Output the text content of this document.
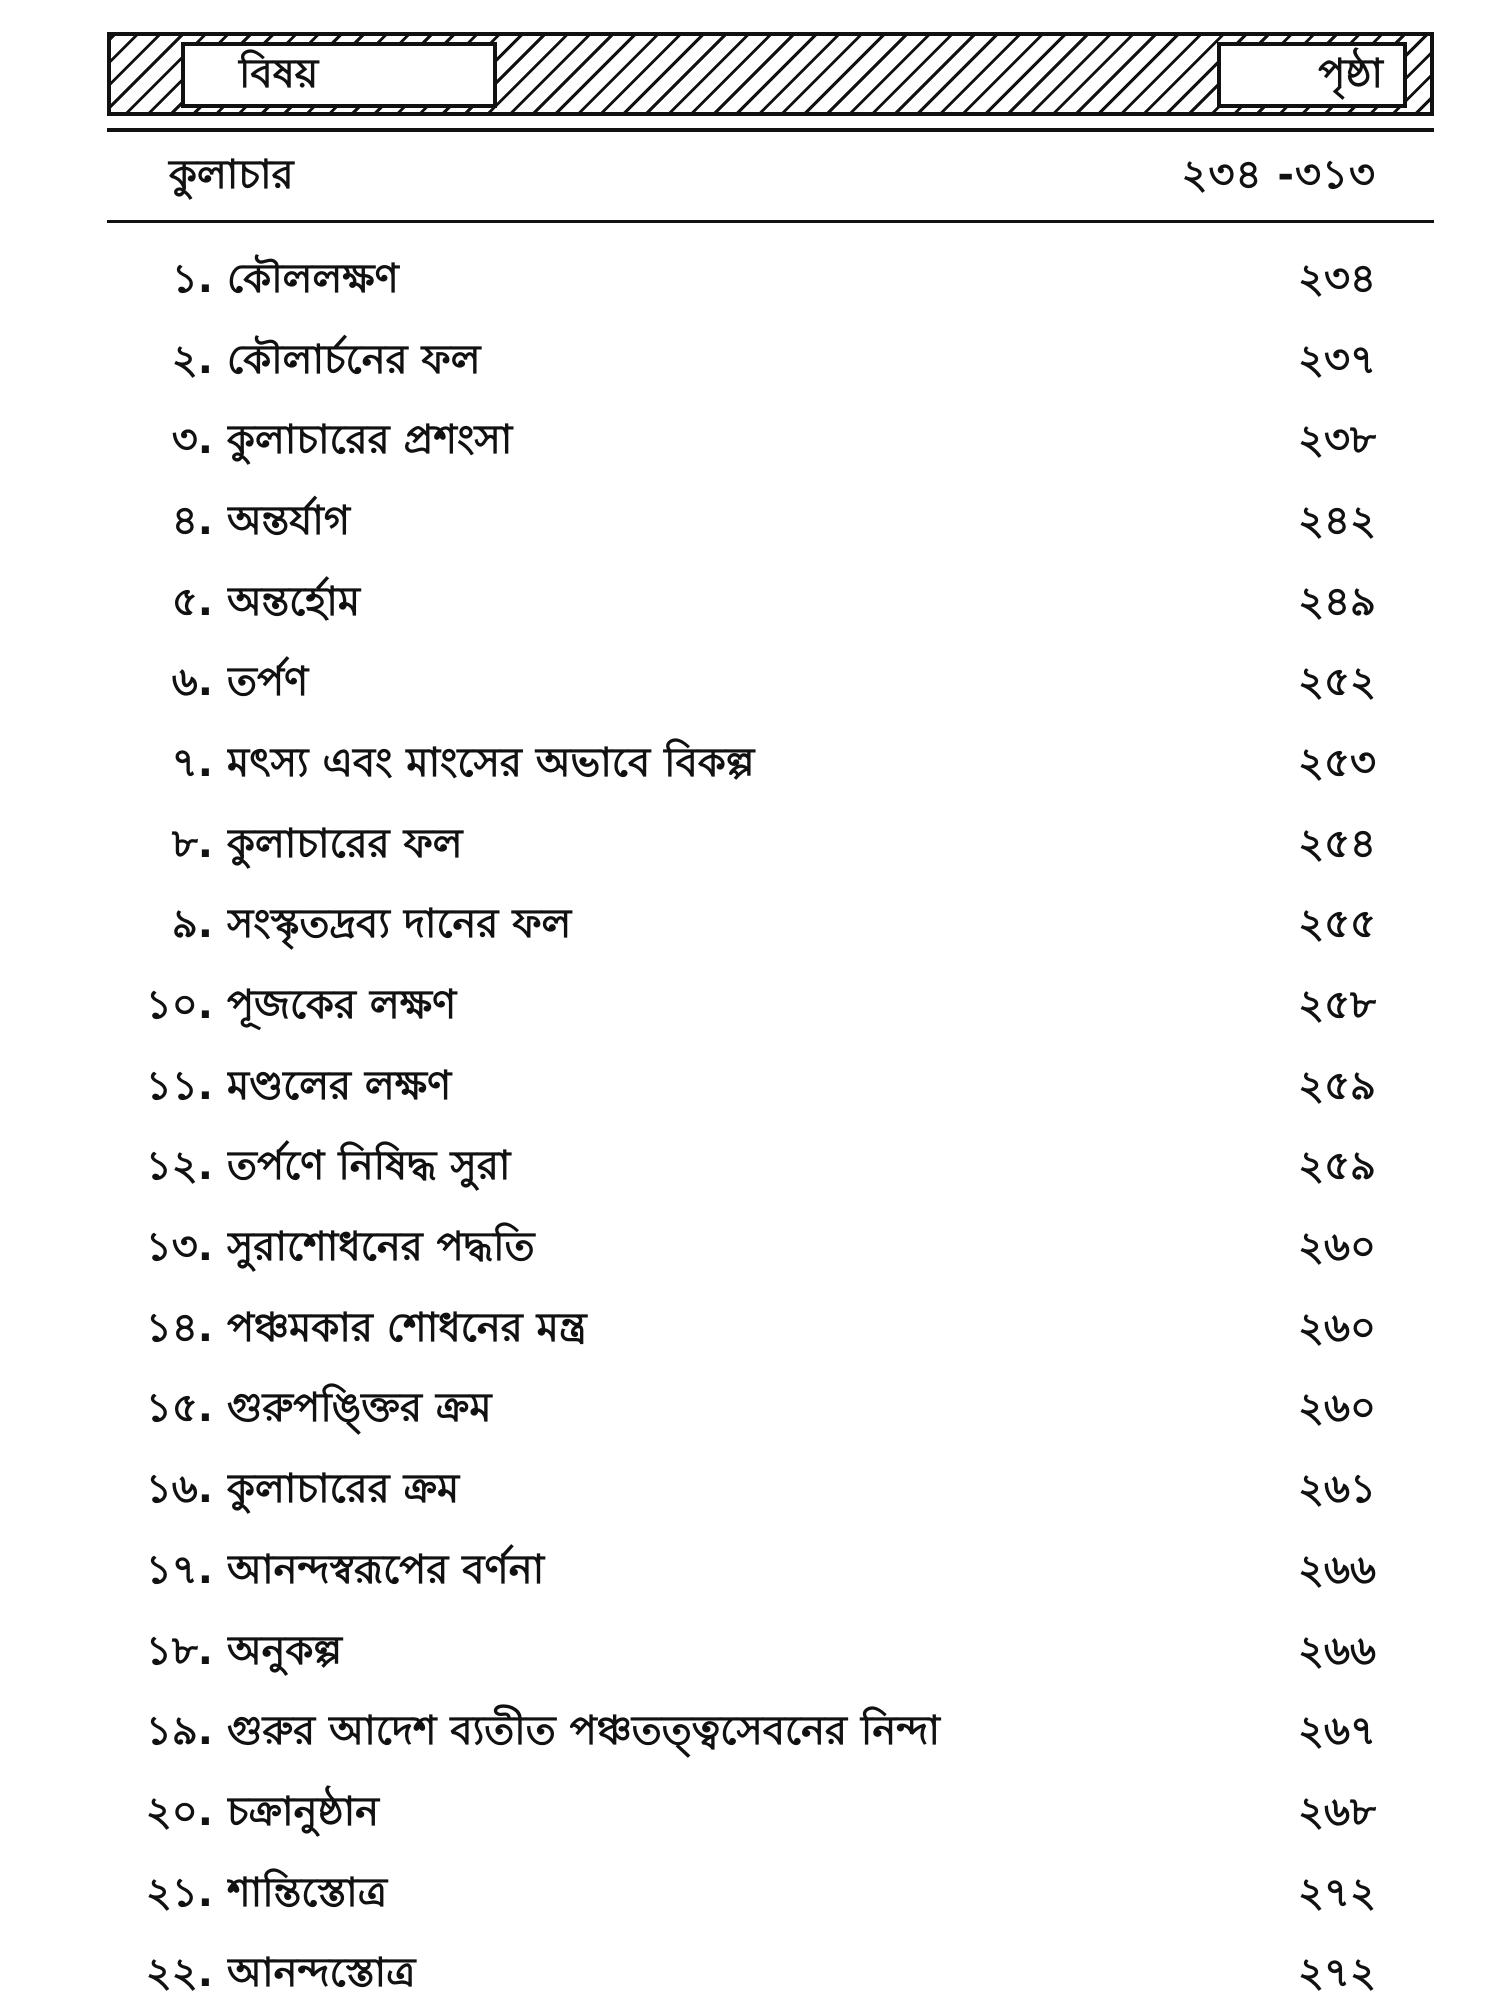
বিষয়	পৃষ্ঠা
কুলাচার	২৩৪ -৩১৩
১. কৌললক্ষণ	২৩৪
২. কৌলার্চনের ফল	২৩৭
৩. কুলাচারের প্রশংসা	২৩৮
৪. অন্তর্যাগ	২৪২
৫. অন্তর্হোম	২৪৯
৬. তর্পণ	২৫২
৭. মৎস্য এবং মাংসের অভাবে বিকল্প	২৫৩
৮. কুলাচারের ফল	২৫৪
৯. সংস্কৃতদ্রব্য দানের ফল	২৫৫
১০. পূজকের লক্ষণ	২৫৮
১১. মণ্ডলের লক্ষণ	২৫৯
১২. তর্পণে নিষিদ্ধ সুরা	২৫৯
১৩. সুরাশোধনের পদ্ধতি	২৬০
১৪. পঞ্চমকার শোধনের মন্ত্র	২৬০
১৫. গুরুপঙ্ক্তির ক্রম	২৬০
১৬. কুলাচারের ক্রম	২৬১
১৭. আনন্দস্বরূপের বর্ণনা	২৬৬
১৮. অনুকল্প	২৬৬
১৯. গুরুর আদেশ ব্যতীত পঞ্চতত্ত্বসেবনের নিন্দা	২৬৭
২০. চক্রানুষ্ঠান	২৬৮
২১. শান্তিস্তোত্র	২৭২
২২. আনন্দস্তোত্র	২৭২
